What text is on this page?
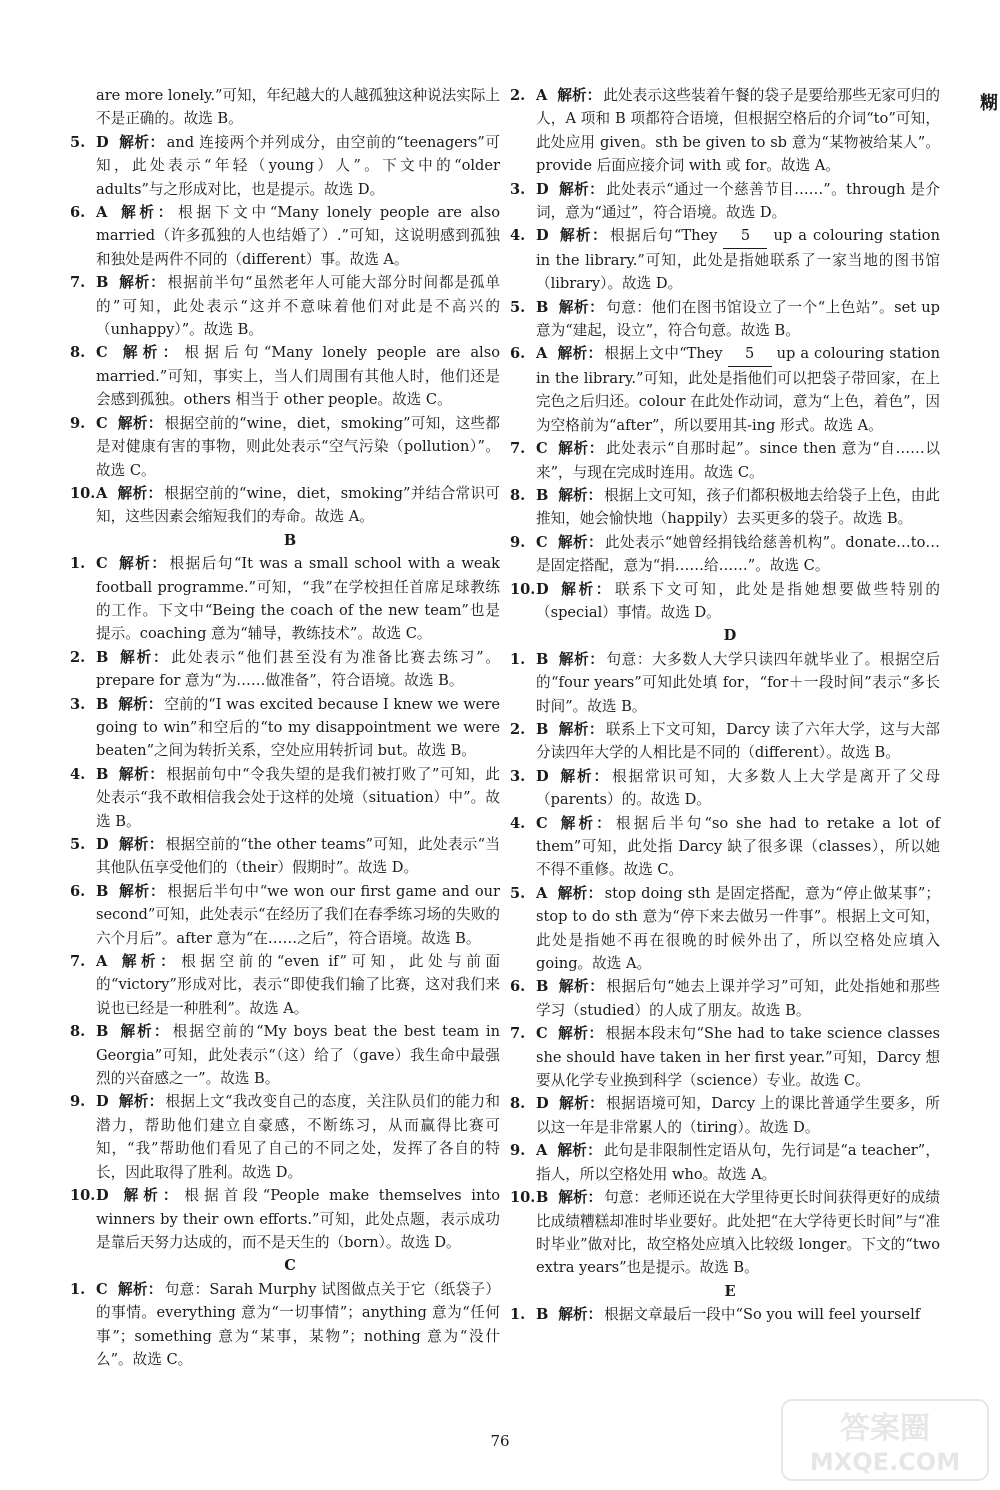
are more lonely.”可知，年纪越大的人越孤独这种说法实际上不是正确的。故选 B。

5. D 解析： and 连接两个并列成分，由空前的“teenagers”可知，此处表示“年轻（young）人”。下文中的“older adults”与之形成对比，也是提示。故选 D。

6. A 解析： 根据下文中“Many lonely people are also married（许多孤独的人也结婚了）.”可知，这说明感到孤独和独处是两件不同的（different）事。故选 A。

7. B 解析： 根据前半句“虽然老年人可能大部分时间都是孤单的”可知，此处表示“这并不意味着他们对此是不高兴的（unhappy）”。故选 B。

8. C 解析： 根据后句“Many lonely people are also married.”可知，事实上，当人们周围有其他人时，他们还是会感到孤独。others 相当于 other people。故选 C。

9. C 解析： 根据空前的“wine，diet，smoking”可知，这些都是对健康有害的事物，则此处表示“空气污染（pollution）”。故选 C。

10. A 解析： 根据空前的“wine，diet，smoking”并结合常识可知，这些因素会缩短我们的寿命。故选 A。

B

1. C 解析： 根据后句“It was a small school with a weak football programme.”可知，“我”在学校担任首席足球教练的工作。下文中“Being the coach of the new team”也是提示。coaching 意为“辅导，教练技术”。故选 C。

2. B 解析： 此处表示“他们甚至没有为准备比赛去练习”。prepare for 意为“为……做准备”，符合语境。故选 B。

3. B 解析： 空前的“I was excited because I knew we were going to win”和空后的“to my disappointment we were beaten”之间为转折关系，空处应用转折词 but。故选 B。

4. B 解析： 根据前句中“令我失望的是我们被打败了”可知，此处表示“我不敢相信我会处于这样的处境（situation）中”。故选 B。

5. D 解析： 根据空前的“the other teams”可知，此处表示“当其他队伍享受他们的（their）假期时”。故选 D。

6. B 解析： 根据后半句中“we won our first game and our second”可知，此处表示“在经历了我们在春季练习场的失败的六个月后”。after 意为“在……之后”，符合语境。故选 B。

7. A 解析： 根据空前的“even if”可知，此处与前面的“victory”形成对比，表示“即使我们输了比赛，这对我们来说也已经是一种胜利”。故选 A。

8. B 解析： 根据空前的“My boys beat the best team in Georgia”可知，此处表示“（这）给了（gave）我生命中最强烈的兴奋感之一”。故选 B。

9. D 解析： 根据上文“我改变自己的态度，关注队员们的能力和潜力，帮助他们建立自豪感，不断练习，从而赢得比赛可知，“我”帮助他们看见了自己的不同之处，发挥了各自的特长，因此取得了胜利。故选 D。

10. D 解析： 根据首段“People make themselves into winners by their own efforts.”可知，此处点题，表示成功是靠后天努力达成的，而不是天生的（born）。故选 D。

C

1. C 解析： 句意：Sarah Murphy 试图做点关于它（纸袋子）的事情。everything 意为“一切事情”；anything 意为“任何事”；something 意为“某事，某物”；nothing 意为“没什么”。故选 C。

2. A 解析： 此处表示这些装着午餐的袋子是要给那些无家可归的人，A 项和 B 项都符合语境，但根据空格后的介词“to”可知，此处应用 given。sth be given to sb 意为“某物被给某人”。provide 后面应接介词 with 或 for。故选 A。

3. D 解析： 此处表示“通过一个慈善节目……”。through 是介词，意为“通过”，符合语境。故选 D。

4. D 解析： 根据后句“They 5 up a colouring station in the library.”可知，此处是指她联系了一家当地的图书馆（library）。故选 D。

5. B 解析： 句意：他们在图书馆设立了一个“上色站”。set up 意为“建起，设立”，符合句意。故选 B。

6. A 解析： 根据上文中“They 5 up a colouring station in the library.”可知，此处是指他们可以把袋子带回家，在上完色之后归还。colour 在此处作动词，意为“上色，着色”，因为空格前为“after”，所以要用其-ing 形式。故选 A。

7. C 解析： 此处表示“自那时起”。since then 意为“自……以来”，与现在完成时连用。故选 C。

8. B 解析： 根据上文可知，孩子们都积极地去给袋子上色，由此推知，她会愉快地（happily）去买更多的袋子。故选 B。

9. C 解析： 此处表示“她曾经捐钱给慈善机构”。donate…to… 是固定搭配，意为“捐……给……”。故选 C。

10. D 解析： 联系下文可知，此处是指她想要做些特别的（special）事情。故选 D。

D

1. B 解析： 句意：大多数人大学只读四年就毕业了。根据空后的“four years”可知此处填 for，“for＋一段时间”表示“多长时间”。故选 B。

2. B 解析： 联系上下文可知，Darcy 读了六年大学，这与大部分读四年大学的人相比是不同的（different）。故选 B。

3. D 解析： 根据常识可知，大多数人上大学是离开了父母（parents）的。故选 D。

4. C 解析： 根据后半句“so she had to retake a lot of them”可知，此处指 Darcy 缺了很多课（classes），所以她不得不重修。故选 C。

5. A 解析： stop doing sth 是固定搭配，意为“停止做某事”；stop to do sth 意为“停下来去做另一件事”。根据上文可知，此处是指她不再在很晚的时候外出了，所以空格处应填入 going。故选 A。

6. B 解析： 根据后句“她去上课并学习”可知，此处指她和那些学习（studied）的人成了朋友。故选 B。

7. C 解析： 根据本段末句“She had to take science classes she should have taken in her first year.”可知，Darcy 想要从化学专业换到科学（science）专业。故选 C。

8. D 解析： 根据语境可知，Darcy 上的课比普通学生要多，所以这一年是非常累人的（tiring）。故选 D。

9. A 解析： 此句是非限制性定语从句，先行词是“a teacher”，指人，所以空格处用 who。故选 A。

10. B 解析： 句意：老师还说在大学里待更长时间获得更好的成绩比成绩糟糕却准时毕业要好。此处把“在大学待更长时间”与“准时毕业”做对比，故空格处应填入比较级 longer。下文的“two extra years”也是提示。故选 B。

E

1. B 解析： 根据文章最后一段中“So you will feel yourself

糊
76	答案圈
MXQE.COM
